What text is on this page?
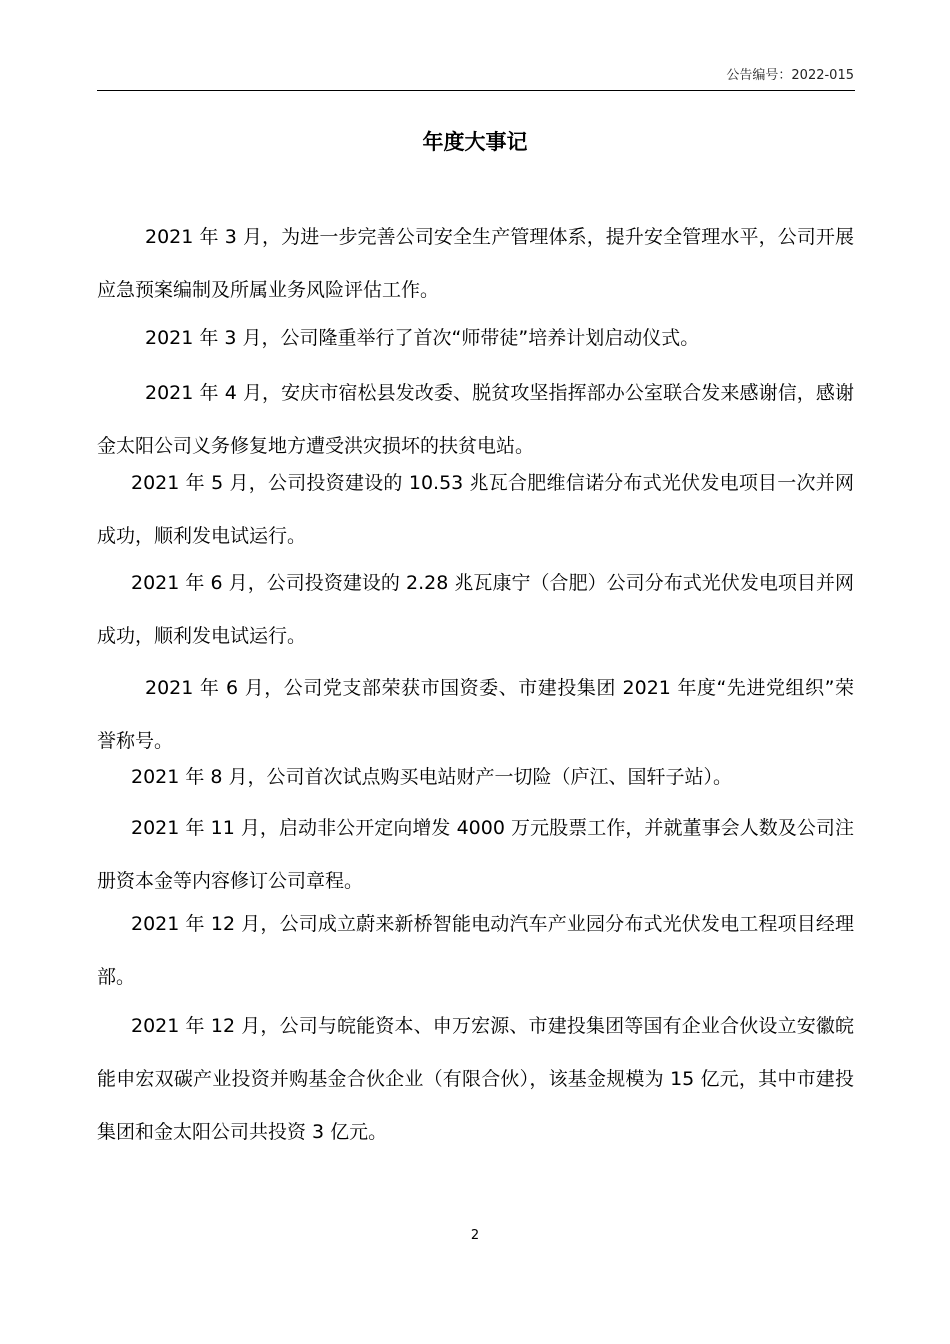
公告编号：2022-015
年度大事记

2021 年 3 月，为进一步完善公司安全生产管理体系，提升安全管理水平，公司开展应急预案编制及所属业务风险评估工作。

2021 年 3 月，公司隆重举行了首次“师带徒”培养计划启动仪式。

2021 年 4 月，安庆市宿松县发改委、脱贫攻坚指挥部办公室联合发来感谢信，感谢金太阳公司义务修复地方遭受洪灾损坏的扶贫电站。

2021 年 5 月，公司投资建设的 10.53 兆瓦合肥维信诺分布式光伏发电项目一次并网成功，顺利发电试运行。

2021 年 6 月，公司投资建设的 2.28 兆瓦康宁（合肥）公司分布式光伏发电项目并网成功，顺利发电试运行。

2021 年 6 月，公司党支部荣获市国资委、市建投集团 2021 年度“先进党组织”荣誉称号。

2021 年 8 月，公司首次试点购买电站财产一切险（庐江、国轩子站）。

2021 年 11 月，启动非公开定向增发 4000 万元股票工作，并就董事会人数及公司注册资本金等内容修订公司章程。

2021 年 12 月，公司成立蔚来新桥智能电动汽车产业园分布式光伏发电工程项目经理部。

2021 年 12 月，公司与皖能资本、申万宏源、市建投集团等国有企业合伙设立安徽皖能申宏双碳产业投资并购基金合伙企业（有限合伙），该基金规模为 15 亿元，其中市建投集团和金太阳公司共投资 3 亿元。

2
